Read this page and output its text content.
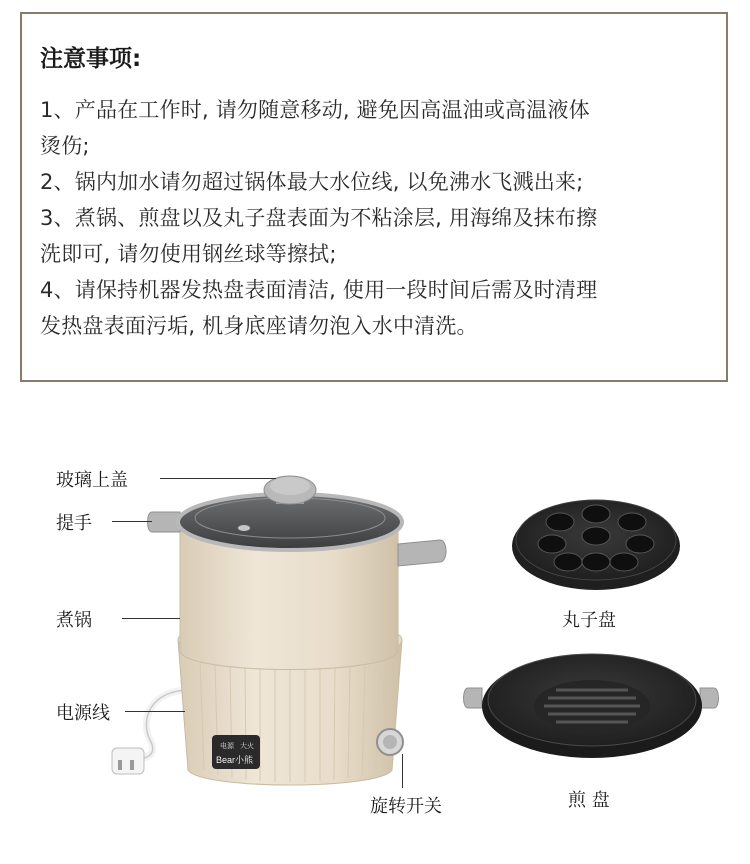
注意事项:
1、产品在工作时, 请勿随意移动, 避免因高温油或高温液体
烫伤;
2、锅内加水请勿超过锅体最大水位线, 以免沸水飞溅出来;
3、煮锅、煎盘以及丸子盘表面为不粘涂层, 用海绵及抹布擦
洗即可, 请勿使用钢丝球等擦拭;
4、请保持机器发热盘表面清洁, 使用一段时间后需及时清理
发热盘表面污垢, 机身底座请勿泡入水中清洗。
电源 大火
Bear小熊
玻璃上盖
提手
煮锅
电源线
旋转开关
丸子盘
煎 盘
